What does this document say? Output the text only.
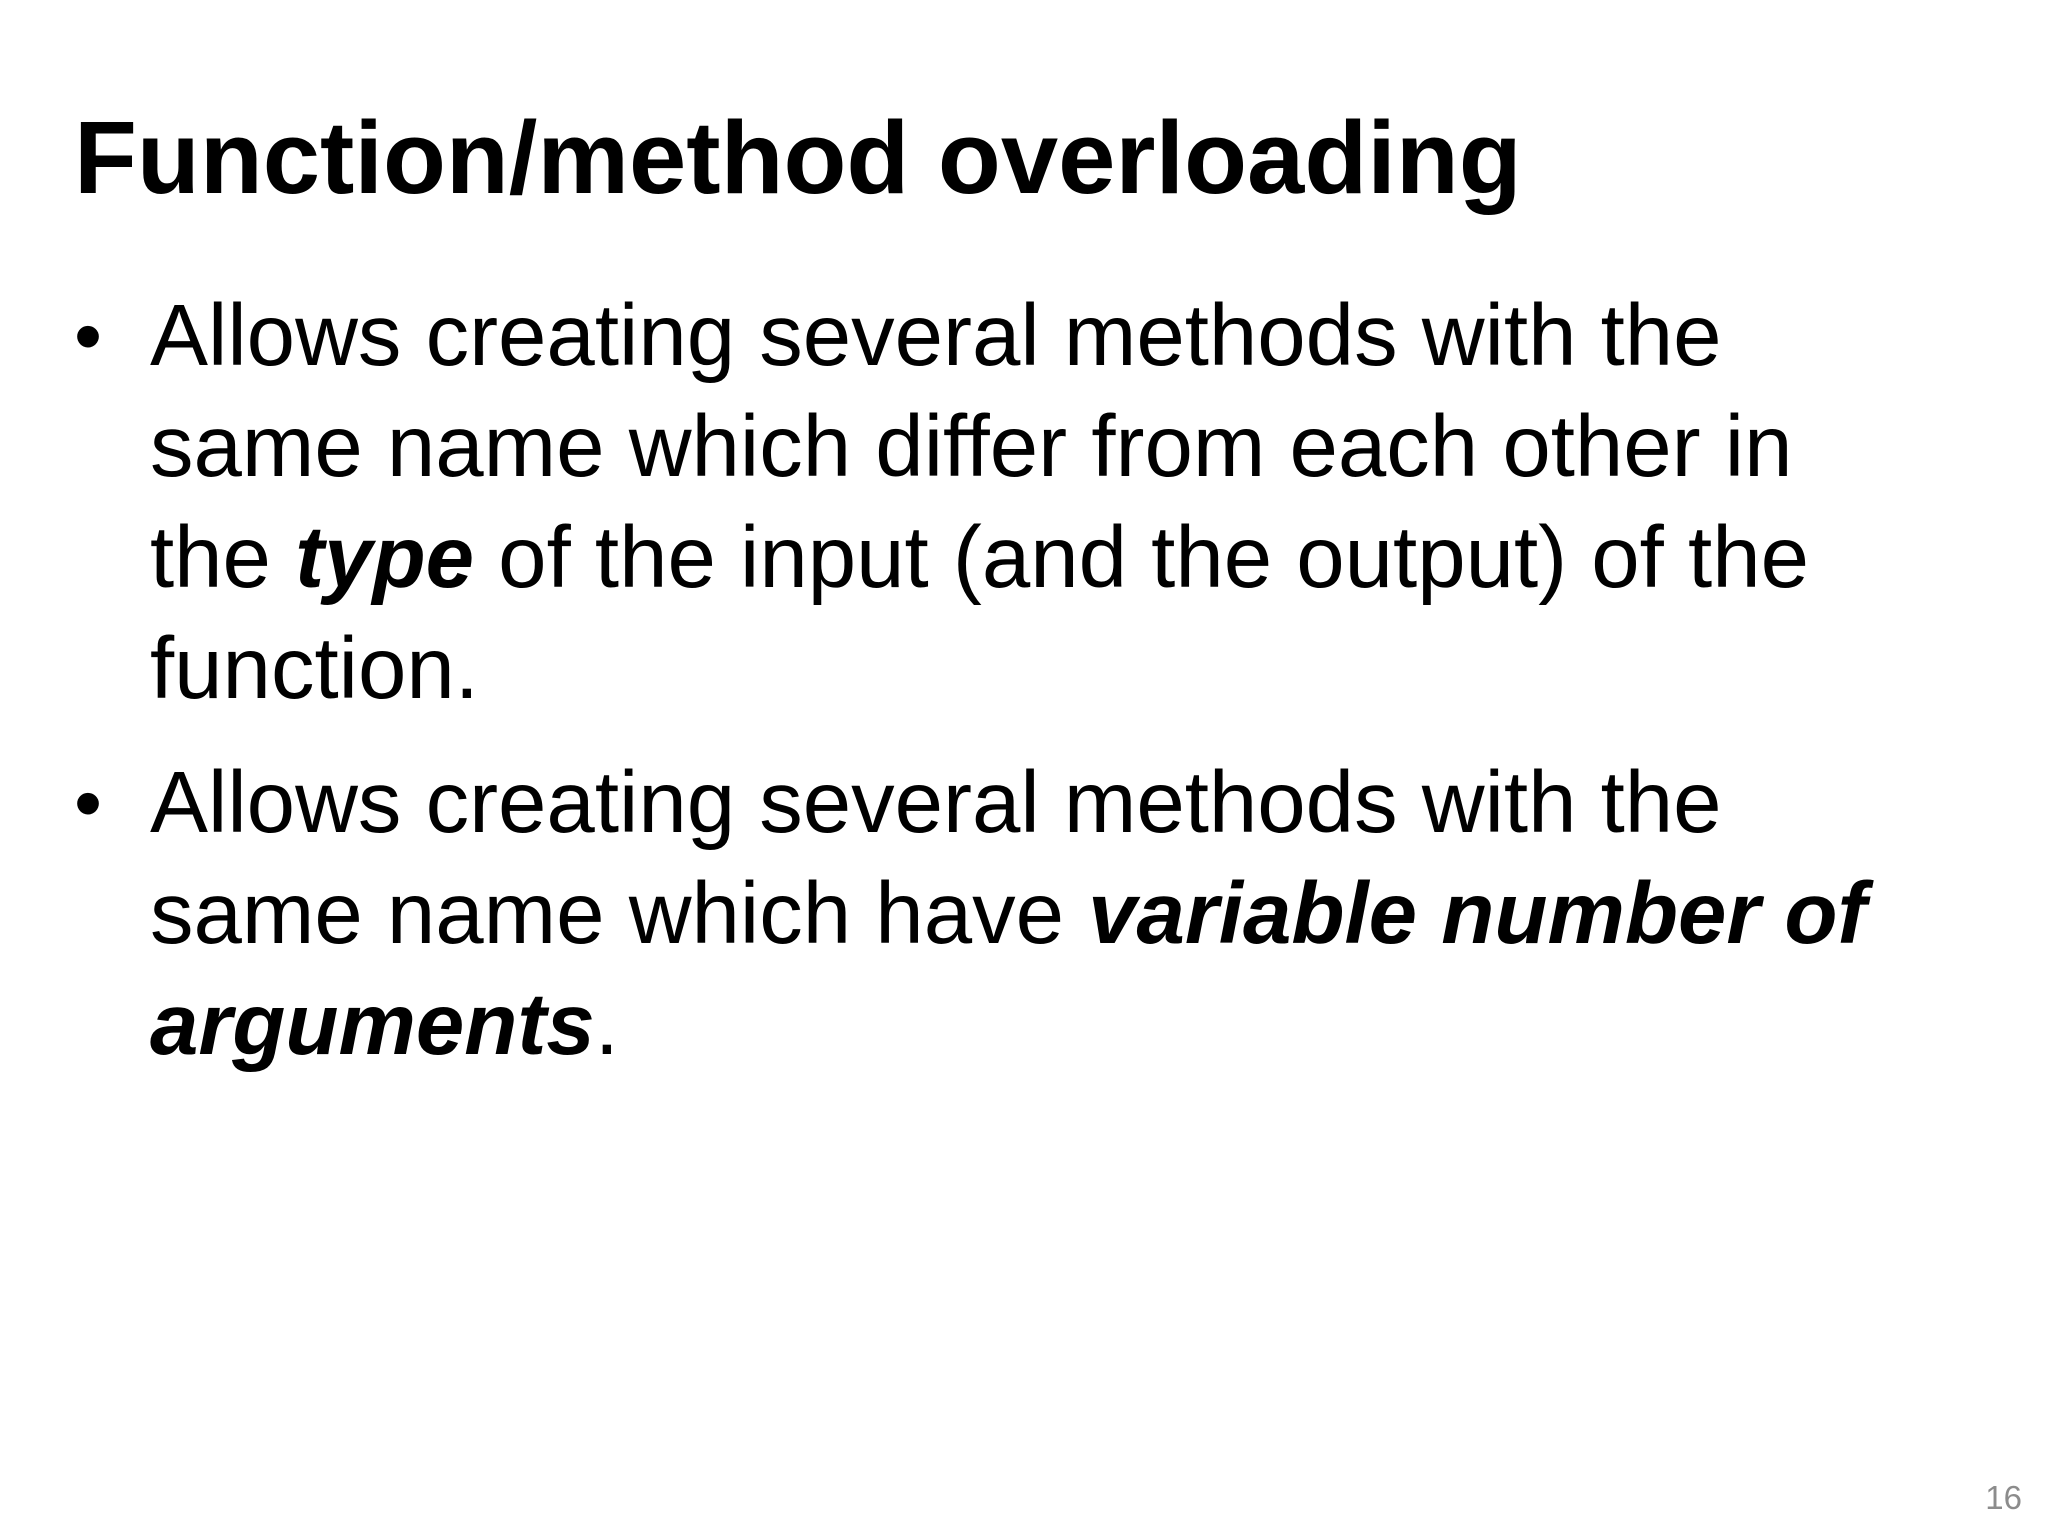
Function/method overloading
• Allows creating several methods with the
same name which differ from each other in
the type of the input (and the output) of the
function.
• Allows creating several methods with the
same name which have variable number of
arguments.
16
